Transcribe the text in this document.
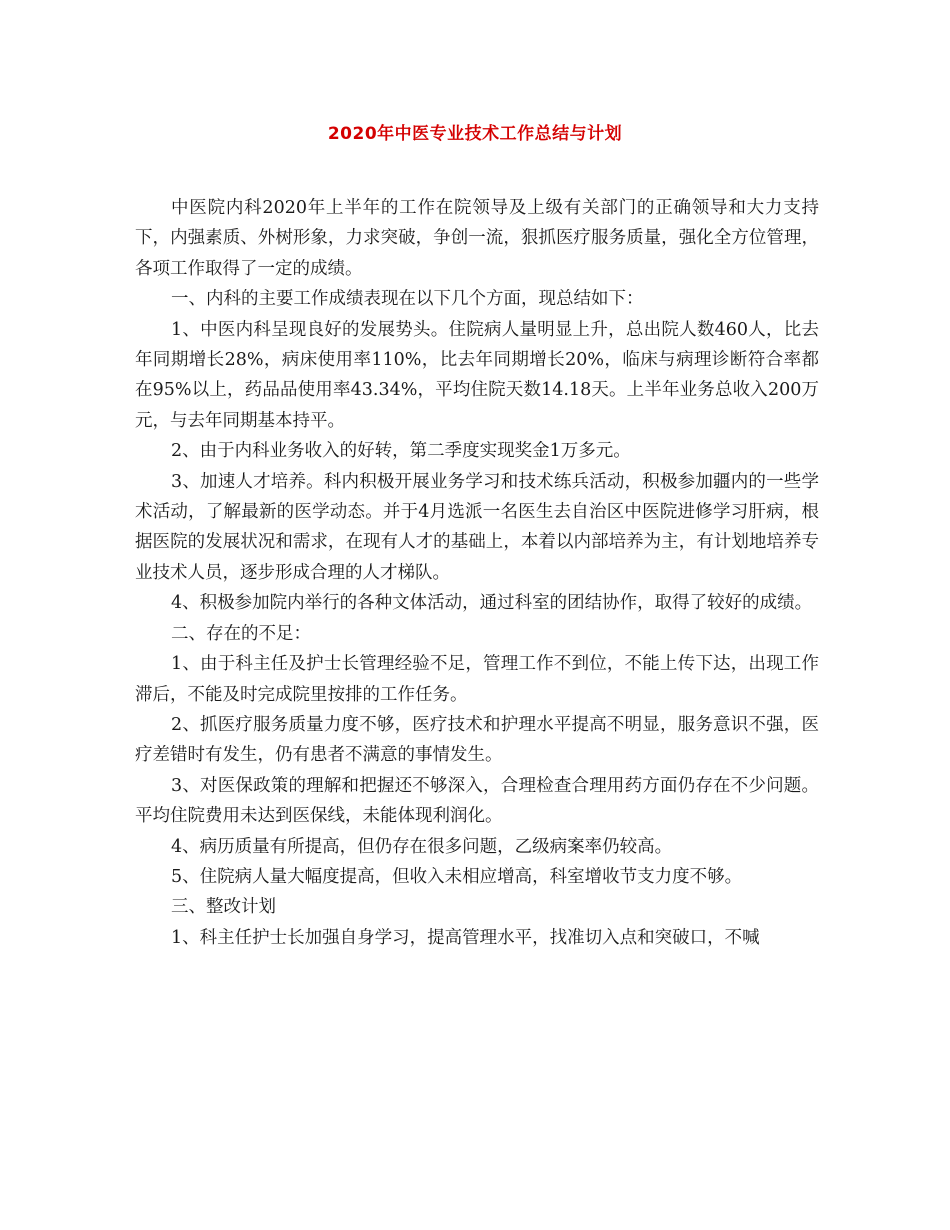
2020年中医专业技术工作总结与计划

中医院内科2020年上半年的工作在院领导及上级有关部门的正确领导和大力支持下，内强素质、外树形象，力求突破，争创一流，狠抓医疗服务质量，强化全方位管理，各项工作取得了一定的成绩。

一、内科的主要工作成绩表现在以下几个方面，现总结如下：

1、中医内科呈现良好的发展势头。住院病人量明显上升，总出院人数460人，比去年同期增长28%，病床使用率110%，比去年同期增长20%，临床与病理诊断符合率都在95%以上，药品品使用率43.34%，平均住院天数14.18天。上半年业务总收入200万元，与去年同期基本持平。

2、由于内科业务收入的好转，第二季度实现奖金1万多元。

3、加速人才培养。科内积极开展业务学习和技术练兵活动，积极参加疆内的一些学术活动，了解最新的医学动态。并于4月选派一名医生去自治区中医院进修学习肝病，根据医院的发展状况和需求，在现有人才的基础上，本着以内部培养为主，有计划地培养专业技术人员，逐步形成合理的人才梯队。

4、积极参加院内举行的各种文体活动，通过科室的团结协作，取得了较好的成绩。

二、存在的不足：

1、由于科主任及护士长管理经验不足，管理工作不到位，不能上传下达，出现工作滞后，不能及时完成院里按排的工作任务。

2、抓医疗服务质量力度不够，医疗技术和护理水平提高不明显，服务意识不强，医疗差错时有发生，仍有患者不满意的事情发生。

3、对医保政策的理解和把握还不够深入，合理检查合理用药方面仍存在不少问题。平均住院费用未达到医保线，未能体现利润化。

4、病历质量有所提高，但仍存在很多问题，乙级病案率仍较高。

5、住院病人量大幅度提高，但收入未相应增高，科室增收节支力度不够。

三、整改计划

1、科主任护士长加强自身学习，提高管理水平，找准切入点和突破口，不喊
